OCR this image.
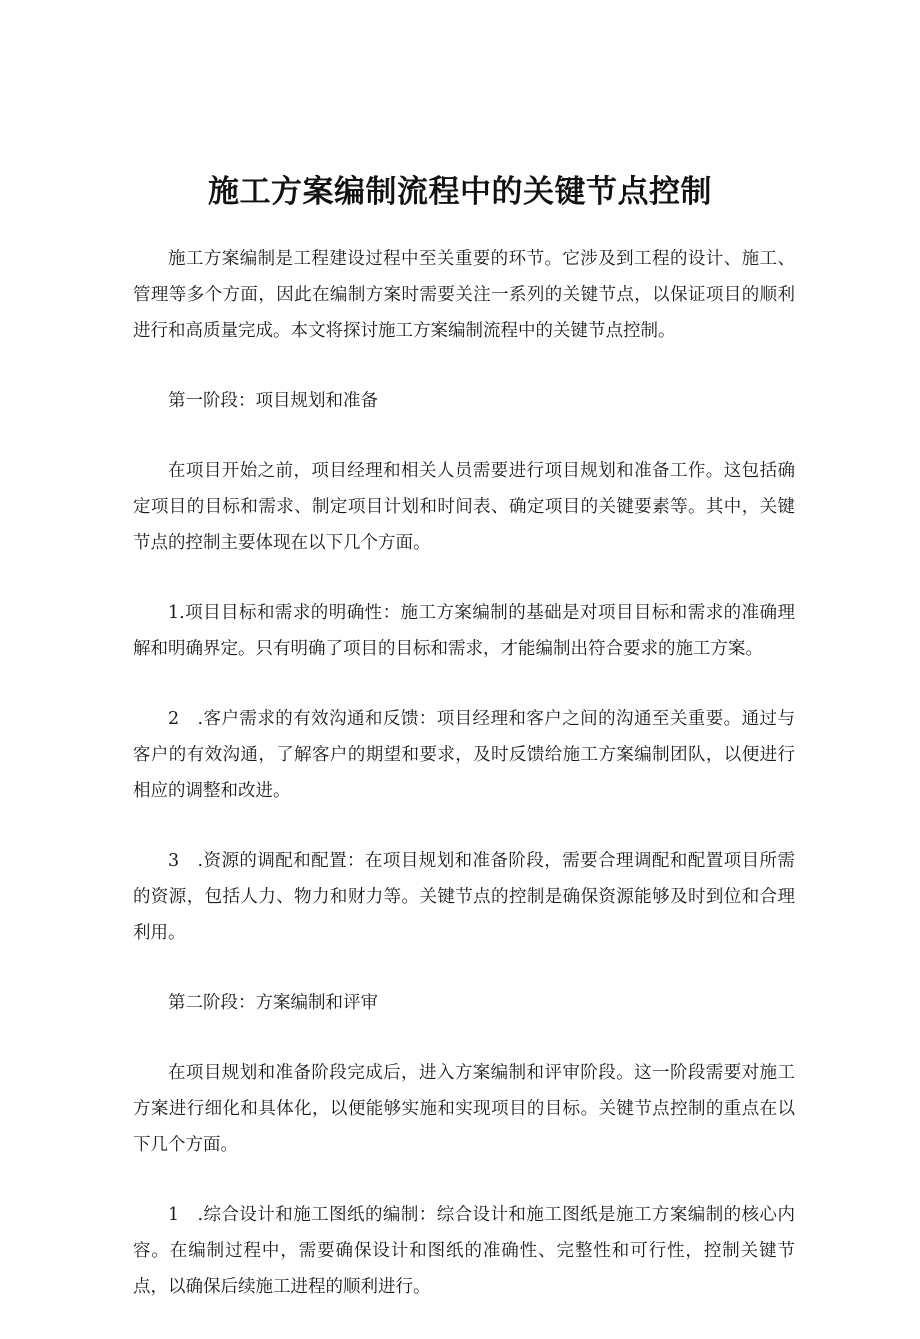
施工方案编制流程中的关键节点控制

施工方案编制是工程建设过程中至关重要的环节。它涉及到工程的设计、施工、管理等多个方面，因此在编制方案时需要关注一系列的关键节点，以保证项目的顺利进行和高质量完成。本文将探讨施工方案编制流程中的关键节点控制。

第一阶段：项目规划和准备

在项目开始之前，项目经理和相关人员需要进行项目规划和准备工作。这包括确定项目的目标和需求、制定项目计划和时间表、确定项目的关键要素等。其中，关键节点的控制主要体现在以下几个方面。

1.项目目标和需求的明确性：施工方案编制的基础是对项目目标和需求的准确理解和明确界定。只有明确了项目的目标和需求，才能编制出符合要求的施工方案。

2　.客户需求的有效沟通和反馈：项目经理和客户之间的沟通至关重要。通过与客户的有效沟通，了解客户的期望和要求，及时反馈给施工方案编制团队，以便进行相应的调整和改进。

3　.资源的调配和配置：在项目规划和准备阶段，需要合理调配和配置项目所需的资源，包括人力、物力和财力等。关键节点的控制是确保资源能够及时到位和合理利用。

第二阶段：方案编制和评审

在项目规划和准备阶段完成后，进入方案编制和评审阶段。这一阶段需要对施工方案进行细化和具体化，以便能够实施和实现项目的目标。关键节点控制的重点在以下几个方面。

1　.综合设计和施工图纸的编制：综合设计和施工图纸是施工方案编制的核心内容。在编制过程中，需要确保设计和图纸的准确性、完整性和可行性，控制关键节点，以确保后续施工进程的顺利进行。
